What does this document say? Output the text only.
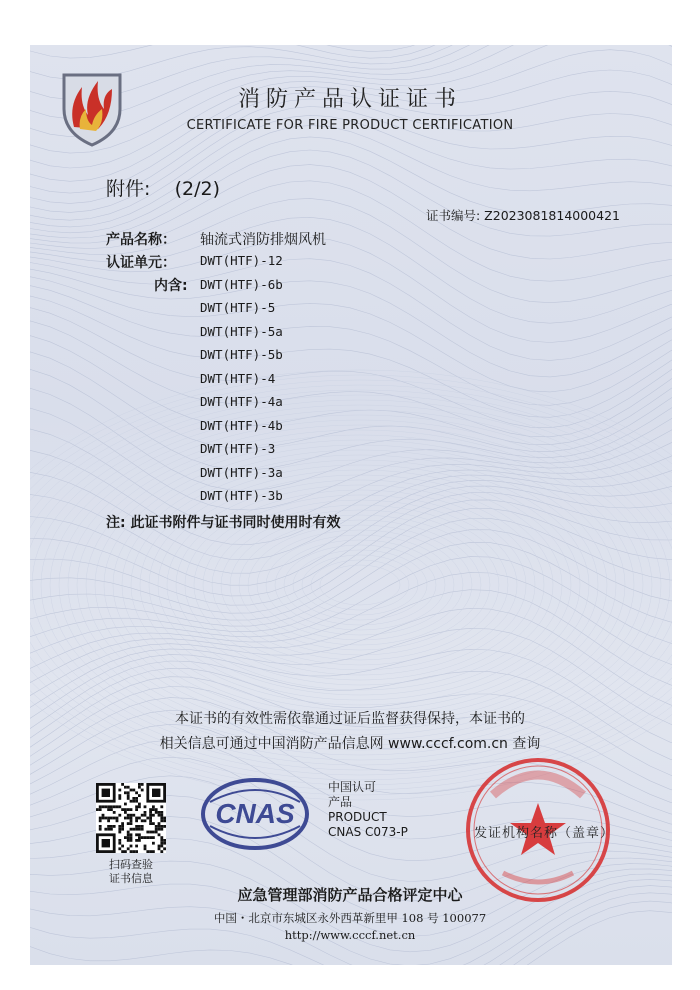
消防产品认证证书
CERTIFICATE FOR FIRE PRODUCT CERTIFICATION
附件: (2/2)
证书编号: Z2023081814000421
产品名称： 轴流式消防排烟风机
认证单元： DWT(HTF)-12
内含: DWT(HTF)-6b
DWT(HTF)-5
DWT(HTF)-5a
DWT(HTF)-5b
DWT(HTF)-4
DWT(HTF)-4a
DWT(HTF)-4b
DWT(HTF)-3
DWT(HTF)-3a
DWT(HTF)-3b
注: 此证书附件与证书同时使用时有效
本证书的有效性需依靠通过证后监督获得保持，本证书的
相关信息可通过中国消防产品信息网 www.cccf.com.cn 查询
扫码查验
证书信息
CNAS
中国认可
产品
PRODUCT
CNAS C073-P	发证机构名称（盖章）
应急管理部消防产品合格评定中心
中国・北京市东城区永外西革新里甲 108 号 100077
http://www.cccf.net.cn
